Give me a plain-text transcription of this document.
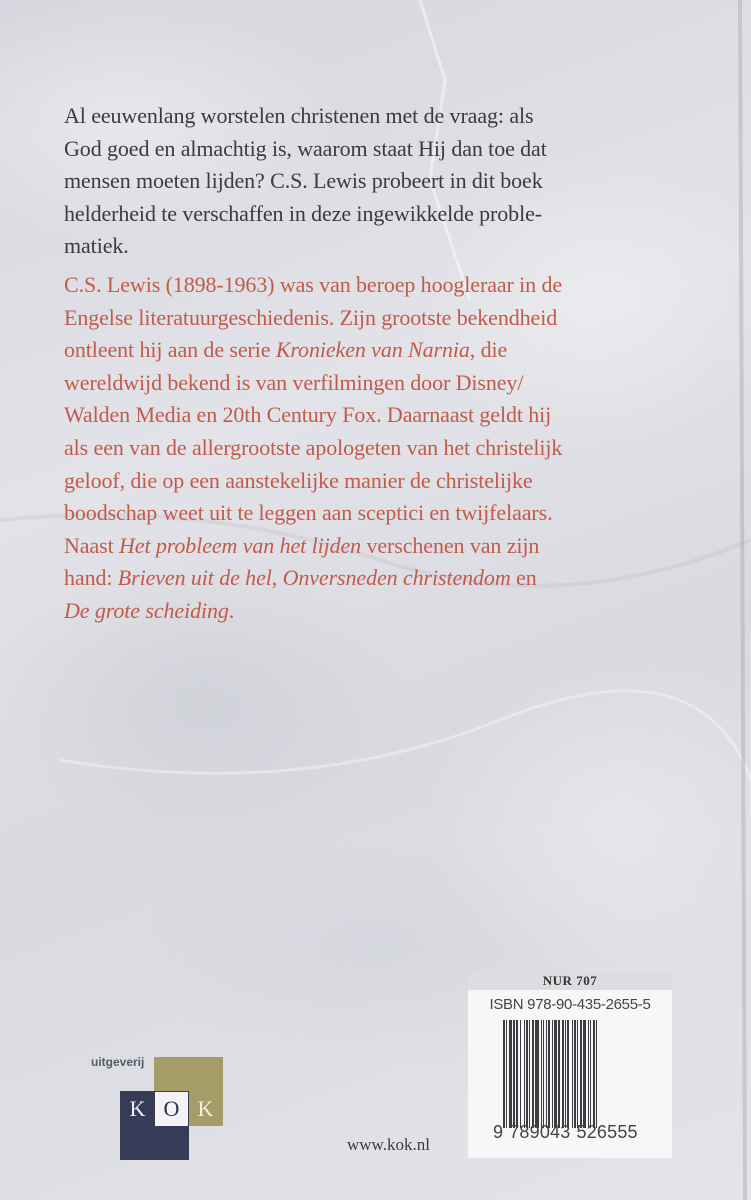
Al eeuwenlang worstelen christenen met de vraag: als
God goed en almachtig is, waarom staat Hij dan toe dat
mensen moeten lijden? C.S. Lewis probeert in dit boek
helderheid te verschaffen in deze ingewikkelde proble-
matiek.
C.S. Lewis (1898-1963) was van beroep hoogleraar in de
Engelse literatuurgeschiedenis. Zijn grootste bekendheid
ontleent hij aan de serie Kronieken van Narnia, die
wereldwijd bekend is van verfilmingen door Disney/
Walden Media en 20th Century Fox. Daarnaast geldt hij
als een van de allergrootste apologeten van het christelijk
geloof, die op een aanstekelijke manier de christelijke
boodschap weet uit te leggen aan sceptici en twijfelaars.
Naast Het probleem van het lijden verschenen van zijn
hand: Brieven uit de hel, Onversneden christendom en
De grote scheiding.
uitgeverij
K O K
www.kok.nl
NUR 707
ISBN 978-90-435-2655-5
9 789043 526555
